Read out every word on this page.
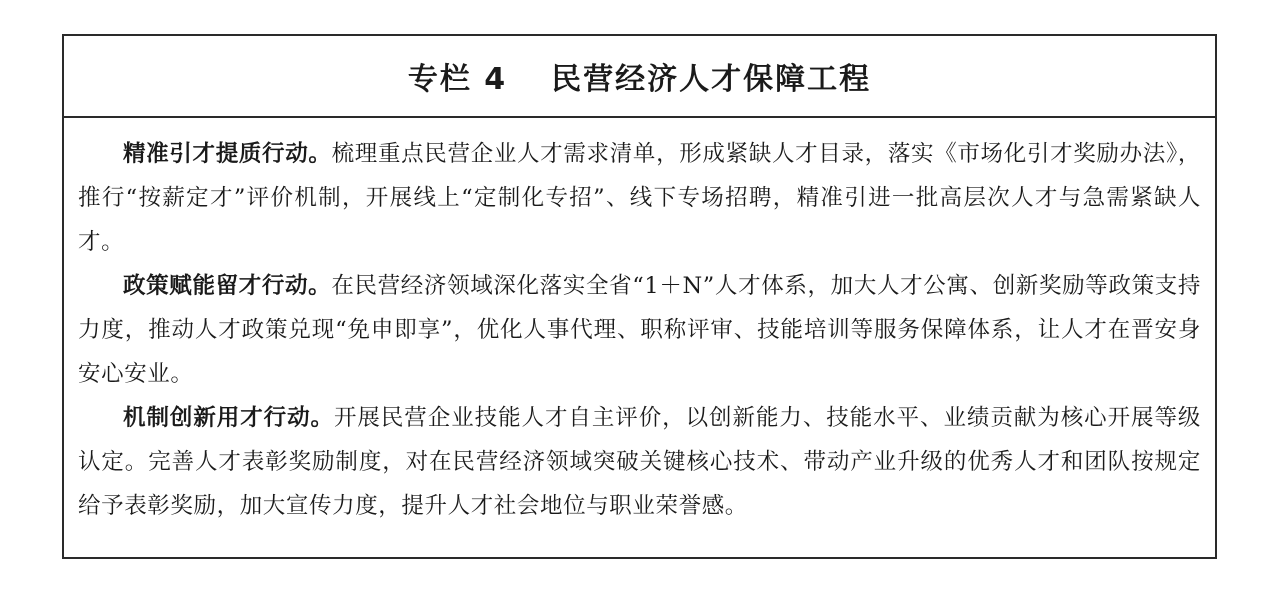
专栏 4 民营经济人才保障工程

精准引才提质行动。梳理重点民营企业人才需求清单，形成紧缺人才目录，落实《市场化引才奖励办法》，推行“按薪定才”评价机制，开展线上“定制化专招”、线下专场招聘，精准引进一批高层次人才与急需紧缺人才。

政策赋能留才行动。在民营经济领域深化落实全省“1＋N”人才体系，加大人才公寓、创新奖励等政策支持力度，推动人才政策兑现“免申即享”，优化人事代理、职称评审、技能培训等服务保障体系，让人才在晋安身安心安业。

机制创新用才行动。开展民营企业技能人才自主评价，以创新能力、技能水平、业绩贡献为核心开展等级认定。完善人才表彰奖励制度，对在民营经济领域突破关键核心技术、带动产业升级的优秀人才和团队按规定给予表彰奖励，加大宣传力度，提升人才社会地位与职业荣誉感。
